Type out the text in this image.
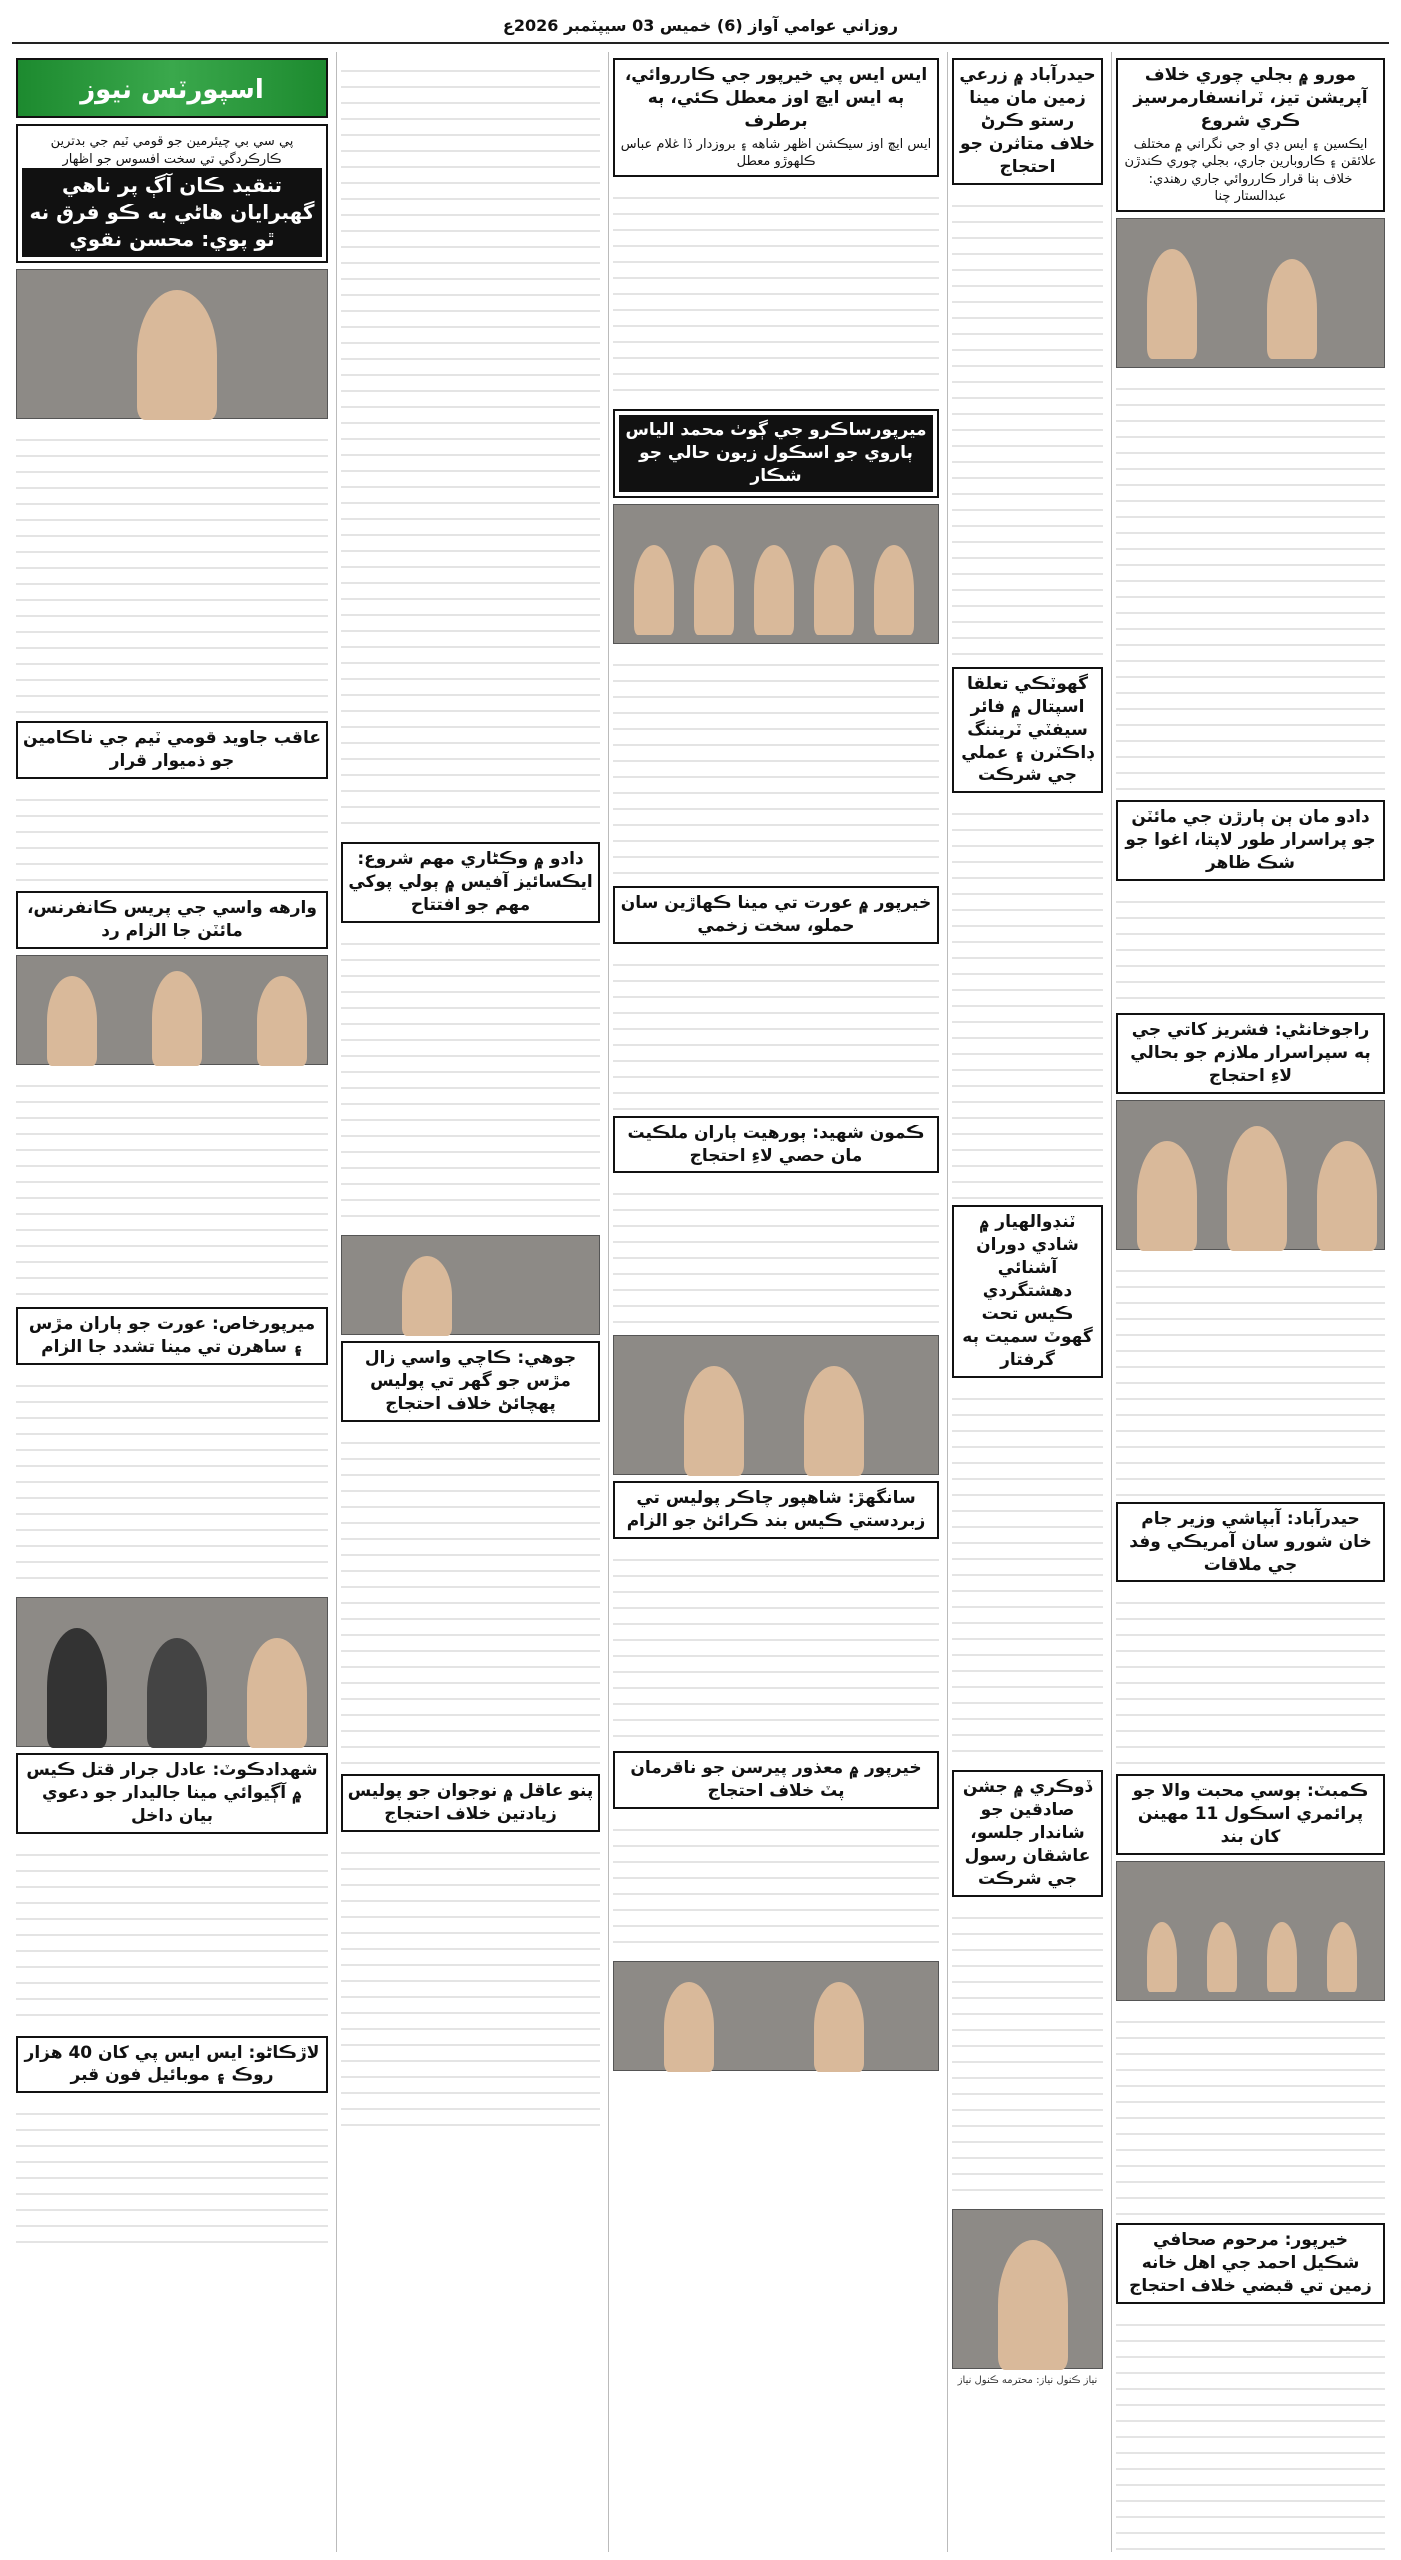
روزاني عوامي آواز (6) خميس 03 سيپٽمبر 2026ع
مورو ۾ بجلي چوري خلاف آپريشن تيز، ٽرانسفارمرسيز ڪري شروع
ايڪسين ۽ ايس ڊي او جي نگراني ۾ مختلف علائقن ۽ ڪاروبارين جاري، بجلي چوري ڪندڙن خلاف ٻنا قرار ڪارروائي جاري رهندي: عبدالستار چنا
دادو مان ٻن ٻارڙن جي مائٽن جو پراسرار طور لاپتا، اغوا جو شڪ ظاهر
راجوخانڻي: فشريز کاتي جي ٻه سپراسرار ملازم جو بحالي لاءِ احتجاج
حيدرآباد: آبپاشي وزير جام خان شورو سان آمريڪي وفد جي ملاقات
ڪمبٽ: ٻوسي محبت والا جو پرائمري اسڪول 11 مهينن کان بند
خيرپور: مرحوم صحافي شڪيل احمد جي اهل خانه زمين تي قبضي خلاف احتجاج
حيدرآباد ۾ زرعي زمين مان مينا رستو ڪرڻ خلاف متاثرن جو احتجاج
گهوٽڪي تعلقا اسپتال ۾ فائر سيفٽي ٽريننگ ڊاڪٽرن ۽ عملي جي شرڪت
ٽنڊوالهيار ۾ شادي دوران آشنائي دهشتگردي ڪيس تحت گهوٽ سميت ٻه گرفتار
ڏوڪري ۾ جشن صادقين جو شاندار جلسو، عاشقان رسول جي شرڪت
نياز ڪنول نياز: محترمه ڪنول نياز
ايس ايس پي خيرپور جي ڪارروائي، ٻه ايس ايڇ اوز معطل ڪئي، ٻه برطرف
ايس ايڇ اوز سيڪشن اظهر شاهه ۽ بروزدار ڏا غلام عباس ڪلهوڙو معطل
ميرپورساڪرو جي ڳوٺ محمد الياس ٻاروي جو اسڪول زبون حالي جو شڪار
خيرپور ۾ عورت تي مينا ڪهاڙين سان حملو، سخت زخمي
ڪمون شهيد: ٻورهيت ٻاران ملڪيت مان حصي لاءِ احتجاج
سانگهڙ: شاهپور چاڪر پوليس تي زبردستي ڪيس بند ڪرائڻ جو الزام
خيرپور ۾ معذور پيرسن جو ناقرمان پٽ خلاف احتجاج
دادو ۾ وڪڻاري مهم شروع: ايڪسائيز آفيس ۾ ٻولي پوکي مهم جو افتتاح
جوهي: ڪاچي واسي زال مڙس جو گهر تي پوليس پهچائڻ خلاف احتجاج
پنو عاقل ۾ نوجوان جو پوليس زيادتين خلاف احتجاج
اسپورٽس نيوز
پي سي بي چيئرمين جو قومي ٽيم جي بدترين ڪارڪردگي تي سخت افسوس جو اظهار
تنقيد ڪان آڳ پر ناهي گهبرايان هاڻي به ڪو فرق نه ٿو پوي: محسن نقوي
عاقب جاويد قومي ٽيم جي ناڪامين جو ذميوار قرار
وارهه واسي جي پريس ڪانفرنس، مائٽن جا الزام رد
ميرپورخاص: عورت جو ٻاران مڙس ۽ ساهرن تي مينا تشدد جا الزام
شهدادڪوٽ: عادل جرار قتل ڪيس ۾ آڳيوائي مينا جاليدار جو دعوي بيان داخل
لاڙڪاڻو: ايس ايس پي کان 40 هزار روڪ ۽ موبائيل فون قبر
